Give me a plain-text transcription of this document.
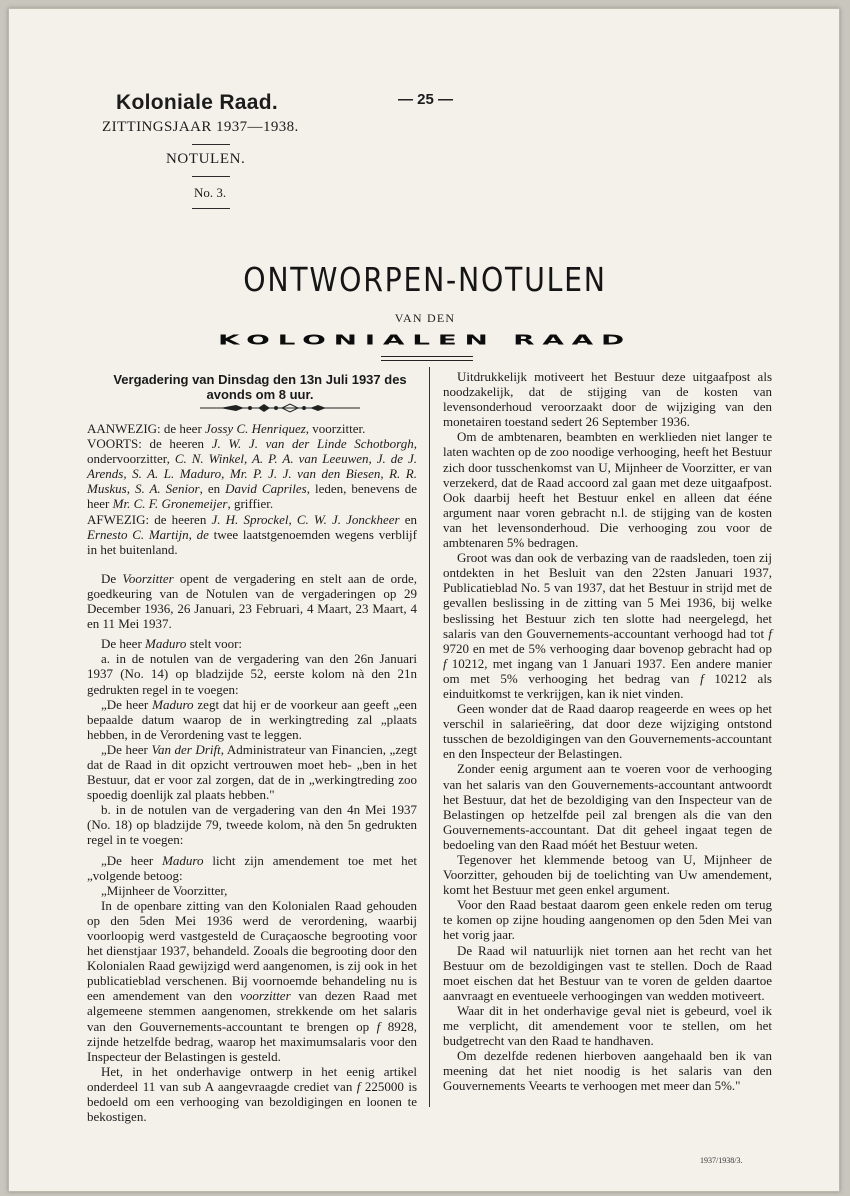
Koloniale Raad.
ZITTINGSJAAR 1937—1938.
— 25 —
NOTULEN.
No. 3.
ONTWORPEN-NOTULEN
VAN DEN
KOLONIALEN RAAD
Vergadering van Dinsdag den 13n Juli 1937 des
avonds om 8 uur.

AANWEZIG: de heer Jossy C. Henriquez, voorzitter.

VOORTS: de heeren J. W. J. van der Linde Schotborgh, ondervoorzitter, C. N. Winkel, A. P. A. van Leeuwen, J. de J. Arends, S. A. L. Maduro, Mr. P. J. J. van den Biesen, R. R. Muskus, S. A. Senior, en David Capriles, leden, benevens de heer Mr. C. F. Gronemeijer, griffier.

AFWEZIG: de heeren J. H. Sprockel, C. W. J. Jonckheer en Ernesto C. Martijn, de twee laatstgenoemden wegens verblijf in het buitenland.

De Voorzitter opent de vergadering en stelt aan de orde, goedkeuring van de Notulen van de vergaderingen op 29 December 1936, 26 Januari, 23 Februari, 4 Maart, 23 Maart, 4 en 11 Mei 1937.

De heer Maduro stelt voor:

a. in de notulen van de vergadering van den 26n Januari 1937 (No. 14) op bladzijde 52, eerste kolom nà den 21n gedrukten regel in te voegen:

„De heer Maduro zegt dat hij er de voorkeur aan geeft „een bepaalde datum waarop de in werkingtreding zal „plaats hebben, in de Verordening vast te leggen.

„De heer Van der Drift, Administrateur van Financien, „zegt dat de Raad in dit opzicht vertrouwen moet heb- „ben in het Bestuur, dat er voor zal zorgen, dat de in „werkingtreding zoo spoedig doenlijk zal plaats hebben."

b. in de notulen van de vergadering van den 4n Mei 1937 (No. 18) op bladzijde 79, tweede kolom, nà den 5n gedrukten regel in te voegen:

„De heer Maduro licht zijn amendement toe met het „volgende betoog:

„Mijnheer de Voorzitter,

In de openbare zitting van den Kolonialen Raad gehouden op den 5den Mei 1936 werd de verordening, waarbij voorloopig werd vastgesteld de Curaçaosche begrooting voor het dienstjaar 1937, behandeld. Zooals die begrooting door den Kolonialen Raad gewijzigd werd aangenomen, is zij ook in het publicatieblad verschenen. Bij voornoemde behandeling nu is een amendement van den voorzitter van dezen Raad met algemeene stemmen aangenomen, strekkende om het salaris van den Gouvernements-accountant te brengen op f 8928, zijnde hetzelfde bedrag, waarop het maximumsalaris voor den Inspecteur der Belastingen is gesteld.

Het, in het onderhavige ontwerp in het eenig artikel onderdeel 11 van sub A aangevraagde crediet van f 225000 is bedoeld om een verhooging van bezoldigingen en loonen te bekostigen.

Uitdrukkelijk motiveert het Bestuur deze uitgaafpost als noodzakelijk, dat de stijging van de kosten van levensonderhoud veroorzaakt door de wijziging van den monetairen toestand sedert 26 September 1936.

Om de ambtenaren, beambten en werklieden niet langer te laten wachten op de zoo noodige verhooging, heeft het Bestuur zich door tusschenkomst van U, Mijnheer de Voorzitter, er van verzekerd, dat de Raad accoord zal gaan met deze uitgaafpost. Ook daarbij heeft het Bestuur enkel en alleen dat éénе argument naar voren gebracht n.l. de stijging van de kosten van het levensonderhoud. Die verhooging zou voor de ambtenaren 5% bedragen.

Groot was dan ook de verbazing van de raadsleden, toen zij ontdekten in het Besluit van den 22sten Januari 1937, Publicatieblad No. 5 van 1937, dat het Bestuur in strijd met de gevallen beslissing in de zitting van 5 Mei 1936, bij welke beslissing het Bestuur zich ten slotte had neergelegd, het salaris van den Gouvernements-accountant verhoogd had tot f 9720 en met de 5% verhooging daar bovenop gebracht had op f 10212, met ingang van 1 Januari 1937. Een andere manier om met 5% verhooging het bedrag van f 10212 als einduitkomst te verkrijgen, kan ik niet vinden.

Geen wonder dat de Raad daarop reageerde en wees op het verschil in salarieëring, dat door deze wijziging ontstond tusschen de bezoldigingen van den Gouvernements-accountant en den Inspecteur der Belastingen.

Zonder eenig argument aan te voeren voor de verhooging van het salaris van den Gouvernements-accountant antwoordt het Bestuur, dat het de bezoldiging van den Inspecteur van de Belastingen op hetzelfde peil zal brengen als die van den Gouvernements-accountant. Dat dit geheel ingaat tegen de bedoeling van den Raad móét het Bestuur weten.

Tegenover het klemmende betoog van U, Mijnheer de Voorzitter, gehouden bij de toelichting van Uw amendement, komt het Bestuur met geen enkel argument.

Voor den Raad bestaat daarom geen enkele reden om terug te komen op zijne houding aangenomen op den 5den Mei van het vorig jaar.

De Raad wil natuurlijk niet tornen aan het recht van het Bestuur om de bezoldigingen vast te stellen. Doch de Raad moet eischen dat het Bestuur van te voren de gelden daartoe aanvraagt en eventueele verhoogingen van wedden motiveert.

Waar dit in het onderhavige geval niet is gebeurd, voel ik me verplicht, dit amendement voor te stellen, om het budgetrecht van den Raad te handhaven.

Om dezelfde redenen hierboven aangehaald ben ik van meening dat het niet noodig is het salaris van den Gouvernements Veearts te verhoogen met meer dan 5%."

1937/1938/3.
